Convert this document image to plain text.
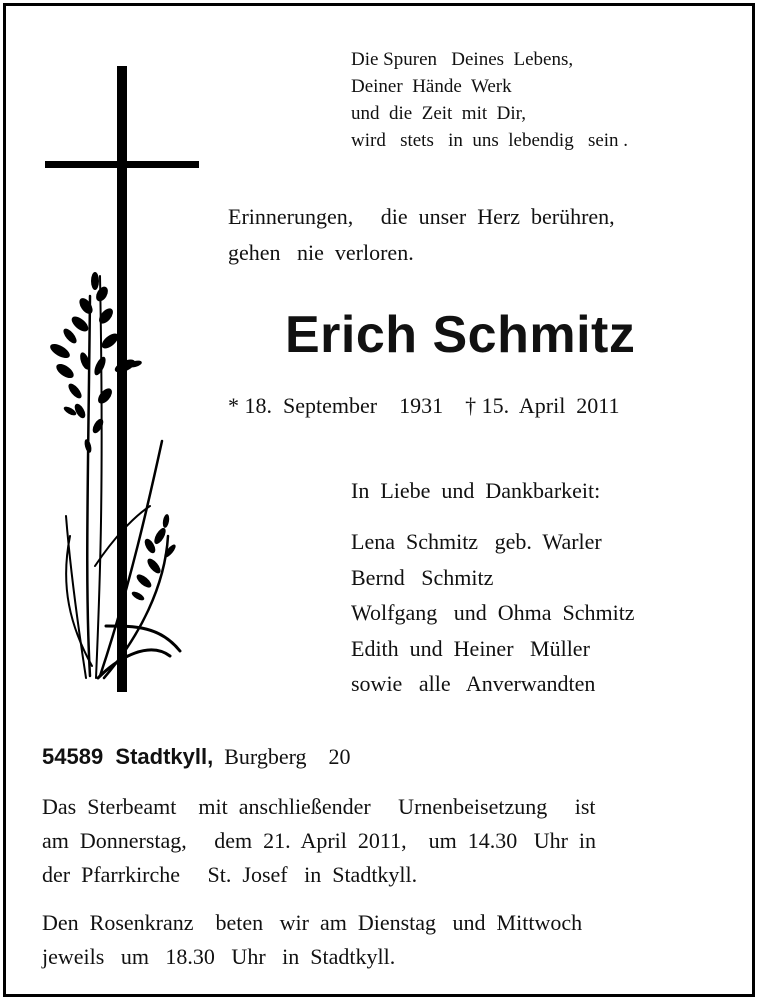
Die Spuren   Deines  Lebens,
Deiner  Hände  Werk
und  die  Zeit  mit  Dir,
wird   stets   in  uns  lebendig   sein .
Erinnerungen,     die  unser  Herz  berühren,
gehen   nie  verloren.
Erich Schmitz
* 18.  September    1931    † 15.  April  2011
In  Liebe  und  Dankbarkeit:
Lena  Schmitz   geb.  Warler
Bernd   Schmitz
Wolfgang   und  Ohma  Schmitz
Edith  und  Heiner   Müller
sowie   alle   Anverwandten
54589  Stadtkyll,  Burgberg    20
Das  Sterbeamt    mit  anschließender     Urnenbeisetzung     ist
am  Donnerstag,     dem  21.  April  2011,    um  14.30   Uhr  in
der  Pfarrkirche     St.  Josef   in  Stadtkyll.
Den  Rosenkranz    beten   wir  am  Dienstag   und  Mittwoch
jeweils   um   18.30   Uhr   in  Stadtkyll.
